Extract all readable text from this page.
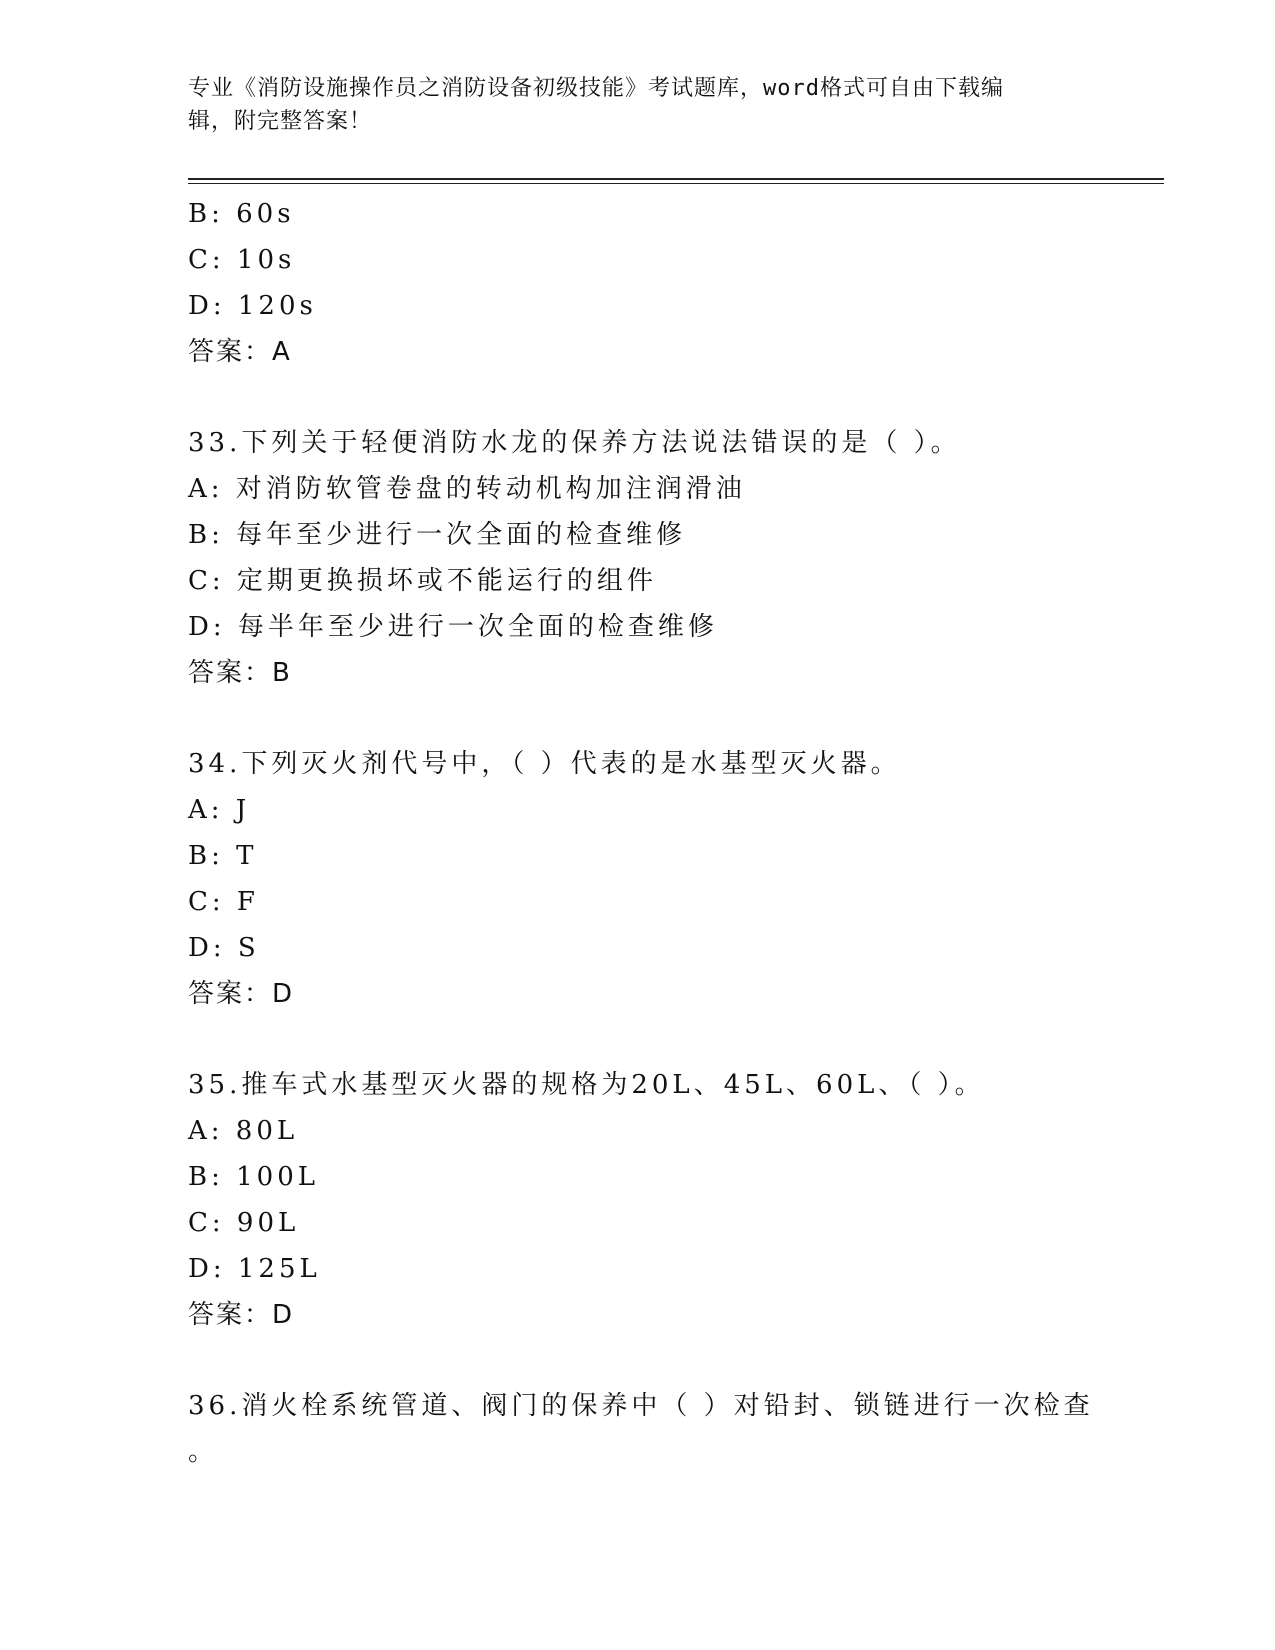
专业《消防设施操作员之消防设备初级技能》考试题库，word格式可自由下载编
辑，附完整答案！
B: 60s
C: 10s
D: 120s
答案：A
33.下列关于轻便消防水龙的保养方法说法错误的是（ ）。
A: 对消防软管卷盘的转动机构加注润滑油
B: 每年至少进行一次全面的检查维修
C: 定期更换损坏或不能运行的组件
D: 每半年至少进行一次全面的检查维修
答案：B
34.下列灭火剂代号中，（ ）代表的是水基型灭火器。
A: J
B: T
C: F
D: S
答案：D
35.推车式水基型灭火器的规格为20L、45L、60L、（ ）。
A: 80L
B: 100L
C: 90L
D: 125L
答案：D
36.消火栓系统管道、阀门的保养中（ ）对铅封、锁链进行一次检查
。
